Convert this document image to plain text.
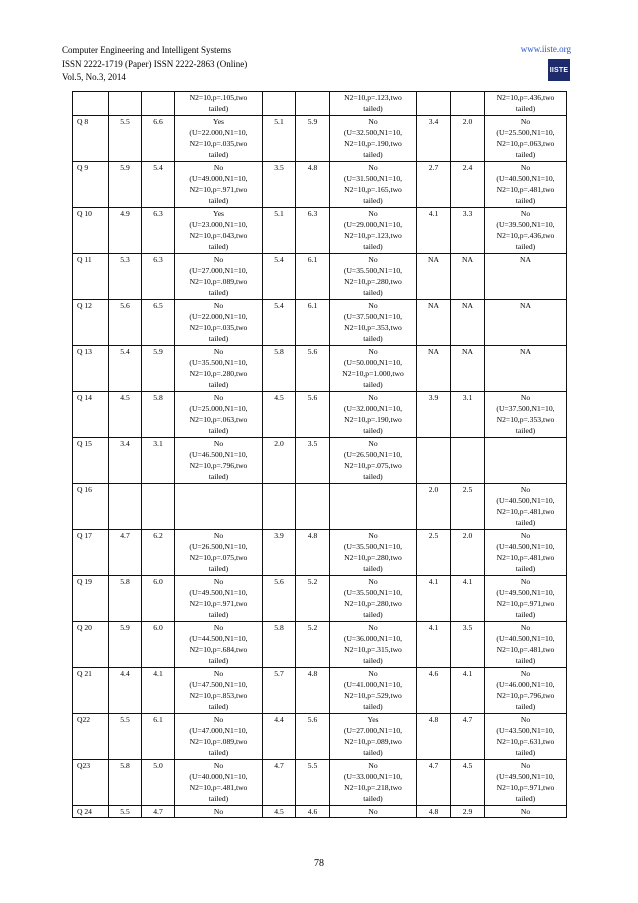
Computer Engineering and Intelligent Systems
ISSN 2222-1719 (Paper) ISSN 2222-2863 (Online)
Vol.5, No.3, 2014
www.iiste.org
IISTE
			N2=10,p=.105,two
tailed)			N2=10,p=.123,two
tailed)			N2=10,p=.436,two
tailed)
Q 8	5.5	6.6	Yes
(U=22.000,N1=10,
N2=10,p=.035,two
tailed)	5.1	5.9	No
(U=32.500,N1=10,
N2=10,p=.190,two
tailed)	3.4	2.0	No
(U=25.500,N1=10,
N2=10,p=.063,two
tailed)
Q 9	5.9	5.4	No
(U=49.000,N1=10,
N2=10,p=.971,two
tailed)	3.5	4.8	No
(U=31.500,N1=10,
N2=10,p=.165,two
tailed)	2.7	2.4	No
(U=40.500,N1=10,
N2=10,p=.481,two
tailed)
Q 10	4.9	6.3	Yes
(U=23.000,N1=10,
N2=10,p=.043,two
tailed)	5.1	6.3	No
(U=29.000,N1=10,
N2=10,p=.123,two
tailed)	4.1	3.3	No
(U=39.500,N1=10,
N2=10,p=.436,two
tailed)
Q 11	5.3	6.3	No
(U=27.000,N1=10,
N2=10,p=.089,two
tailed)	5.4	6.1	No
(U=35.500,N1=10,
N2=10,p=.280,two
tailed)	NA	NA	NA
Q 12	5.6	6.5	No
(U=22.000,N1=10,
N2=10,p=.035,two
tailed)	5.4	6.1	No
(U=37.500,N1=10,
N2=10,p=.353,two
tailed)	NA	NA	NA
Q 13	5.4	5.9	No
(U=35.500,N1=10,
N2=10,p=.280,two
tailed)	5.8	5.6	No
(U=50.000,N1=10,
N2=10,p=1.000,two
tailed)	NA	NA	NA
Q 14	4.5	5.8	No
(U=25.000,N1=10,
N2=10,p=.063,two
tailed)	4.5	5.6	No
(U=32.000,N1=10,
N2=10,p=.190,two
tailed)	3.9	3.1	No
(U=37.500,N1=10,
N2=10,p=.353,two
tailed)
Q 15	3.4	3.1	No
(U=46.500,N1=10,
N2=10,p=.796,two
tailed)	2.0	3.5	No
(U=26.500,N1=10,
N2=10,p=.075,two
tailed)			
Q 16							2.0	2.5	No
(U=40.500,N1=10,
N2=10,p=.481,two
tailed)
Q 17	4.7	6.2	No
(U=26.500,N1=10,
N2=10,p=.075,two
tailed)	3.9	4.8	No
(U=35.500,N1=10,
N2=10,p=.280,two
tailed)	2.5	2.0	No
(U=40.500,N1=10,
N2=10,p=.481,two
tailed)
Q 19	5.8	6.0	No
(U=49.500,N1=10,
N2=10,p=.971,two
tailed)	5.6	5.2	No
(U=35.500,N1=10,
N2=10,p=.280,two
tailed)	4.1	4.1	No
(U=49.500,N1=10,
N2=10,p=.971,two
tailed)
Q 20	5.9	6.0	No
(U=44.500,N1=10,
N2=10,p=.684,two
tailed)	5.8	5.2	No
(U=36.000,N1=10,
N2=10,p=.315,two
tailed)	4.1	3.5	No
(U=40.500,N1=10,
N2=10,p=.481,two
tailed)
Q 21	4.4	4.1	No
(U=47.500,N1=10,
N2=10,p=.853,two
tailed)	5.7	4.8	No
(U=41.000,N1=10,
N2=10,p=.529,two
tailed)	4.6	4.1	No
(U=46.000,N1=10,
N2=10,p=.796,two
tailed)
Q22	5.5	6.1	No
(U=47.000,N1=10,
N2=10,p=.089,two
tailed)	4.4	5.6	Yes
(U=27.000,N1=10,
N2=10,p=.089,two
tailed)	4.8	4.7	No
(U=43.500,N1=10,
N2=10,p=.631,two
tailed)
Q23	5.8	5.0	No
(U=40.000,N1=10,
N2=10,p=.481,two
tailed)	4.7	5.5	No
(U=33.000,N1=10,
N2=10,p=.218,two
tailed)	4.7	4.5	No
(U=49.500,N1=10,
N2=10,p=.971,two
tailed)
Q 24	5.5	4.7	No	4.5	4.6	No	4.8	2.9	No
78
